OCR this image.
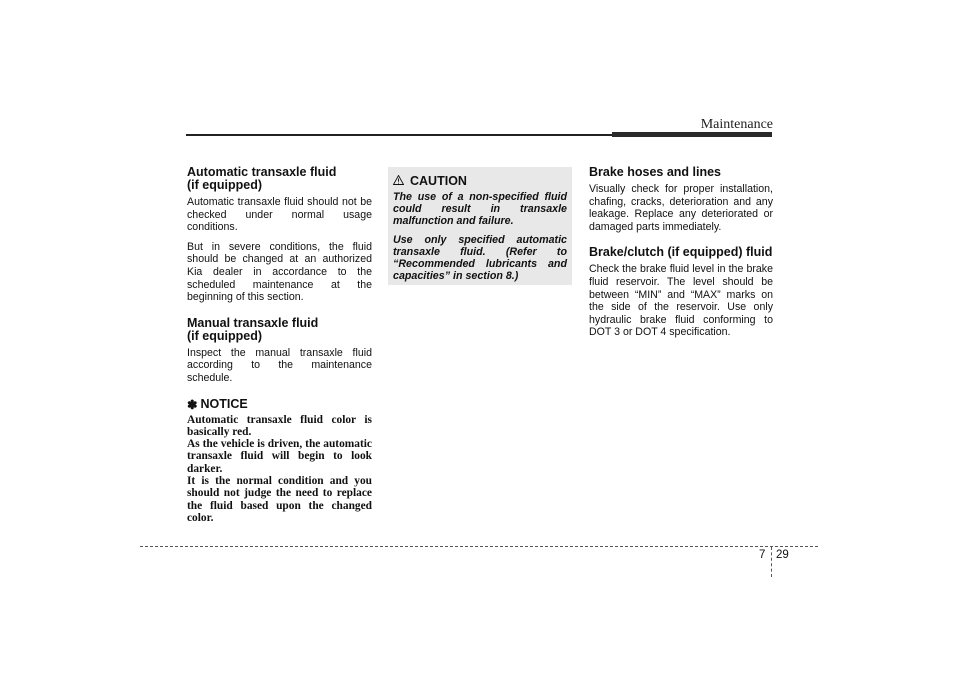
Maintenance
Automatic transaxle fluid
(if equipped)

Automatic transaxle fluid should not be checked under normal usage conditions.

But in severe conditions, the fluid should be changed at an authorized Kia dealer in accordance to the scheduled maintenance at the beginning of this section.

Manual transaxle fluid
(if equipped)

Inspect the manual transaxle fluid according to the maintenance schedule.

✽ NOTICE

Automatic transaxle fluid color is basically red.
As the vehicle is driven, the automatic transaxle fluid will begin to look darker.
It is the normal condition and you should not judge the need to replace the fluid based upon the changed color.

CAUTION

The use of a non-specified fluid could result in transaxle malfunction and failure.

Use only specified automatic transaxle fluid. (Refer to “Recommended lubricants and capacities” in section 8.)

Brake hoses and lines

Visually check for proper installation, chafing, cracks, deterioration and any leakage. Replace any deteriorated or damaged parts immediately.

Brake/clutch (if equipped) fluid

Check the brake fluid level in the brake fluid reservoir. The level should be between “MIN” and “MAX” marks on the side of the reservoir. Use only hydraulic brake fluid conforming to DOT 3 or DOT 4 specification.

7 29
